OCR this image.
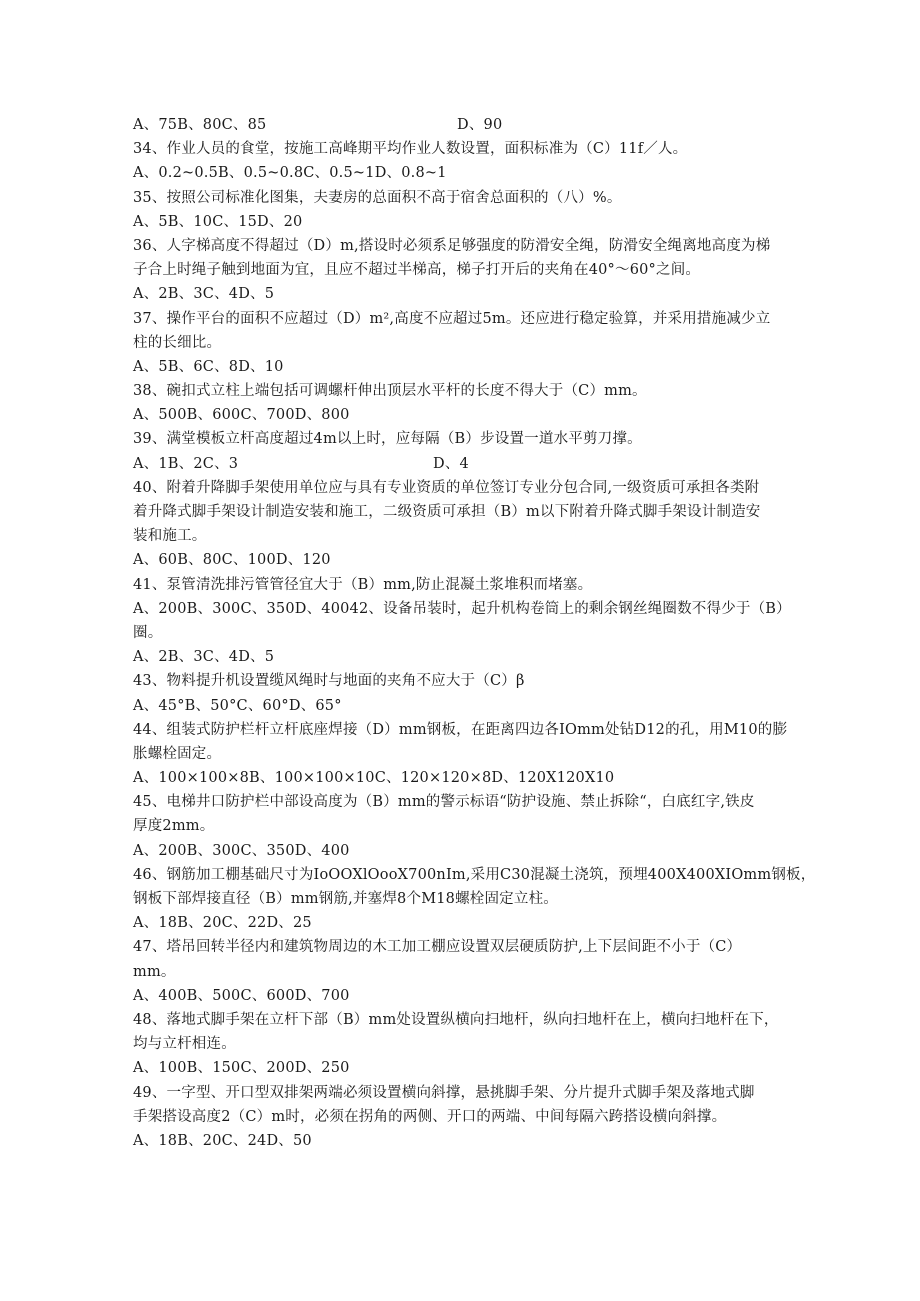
A、75B、80C、85	D、90
34、作业人员的食堂，按施工高峰期平均作业人数设置，面积标准为（C）11f／人。
A、0.2~0.5B、0.5~0.8C、0.5~1D、0.8~1
35、按照公司标准化图集，夫妻房的总面积不高于宿舍总面积的（八）%。
A、5B、10C、15D、20
36、人字梯高度不得超过（D）m,搭设时必须系足够强度的防滑安全绳，防滑安全绳离地高度为梯
子合上时绳子触到地面为宜，且应不超过半梯高，梯子打开后的夹角在40°～60°之间。
A、2B、3C、4D、5
37、操作平台的面积不应超过（D）m²,高度不应超过5m。还应进行稳定验算，并采用措施减少立
柱的长细比。
A、5B、6C、8D、10
38、碗扣式立柱上端包括可调螺杆伸出顶层水平杆的长度不得大于（C）mm。
A、500B、600C、700D、800
39、满堂模板立杆高度超过4m以上时，应每隔（B）步设置一道水平剪刀撑。
A、1B、2C、3	D、4
40、附着升降脚手架使用单位应与具有专业资质的单位签订专业分包合同,一级资质可承担各类附
着升降式脚手架设计制造安装和施工，二级资质可承担（B）m以下附着升降式脚手架设计制造安
装和施工。
A、60B、80C、100D、120
41、泵管清洗排污管管径宜大于（B）mm,防止混凝土浆堆积而堵塞。
A、200B、300C、350D、40042、设备吊装时，起升机构卷筒上的剩余钢丝绳圈数不得少于（B）
圈。
A、2B、3C、4D、5
43、物料提升机设置缆风绳时与地面的夹角不应大于（C）β
A、45°B、50°C、60°D、65°
44、组装式防护栏杆立杆底座焊接（D）mm钢板，在距离四边各IOmm处钻D12的孔，用M10的膨
胀螺栓固定。
A、100×100×8B、100×100×10C、120×120×8D、120X120X10
45、电梯井口防护栏中部设高度为（B）mm的警示标语“防护设施、禁止拆除“，白底红字,铁皮
厚度2mm。
A、200B、300C、350D、400
46、钢筋加工棚基础尺寸为IoOOXlOooX700nIm,采用C30混凝土浇筑，预埋400X400XIOmm钢板，
钢板下部焊接直径（B）mm钢筋,并塞焊8个M18螺栓固定立柱。
A、18B、20C、22D、25
47、塔吊回转半径内和建筑物周边的木工加工棚应设置双层硬质防护,上下层间距不小于（C）
mm。
A、400B、500C、600D、700
48、落地式脚手架在立杆下部（B）mm处设置纵横向扫地杆，纵向扫地杆在上，横向扫地杆在下，
均与立杆相连。
A、100B、150C、200D、250
49、一字型、开口型双排架两端必须设置横向斜撑，悬挑脚手架、分片提升式脚手架及落地式脚
手架搭设高度2（C）m时，必须在拐角的两侧、开口的两端、中间每隔六跨搭设横向斜撑。
A、18B、20C、24D、50
